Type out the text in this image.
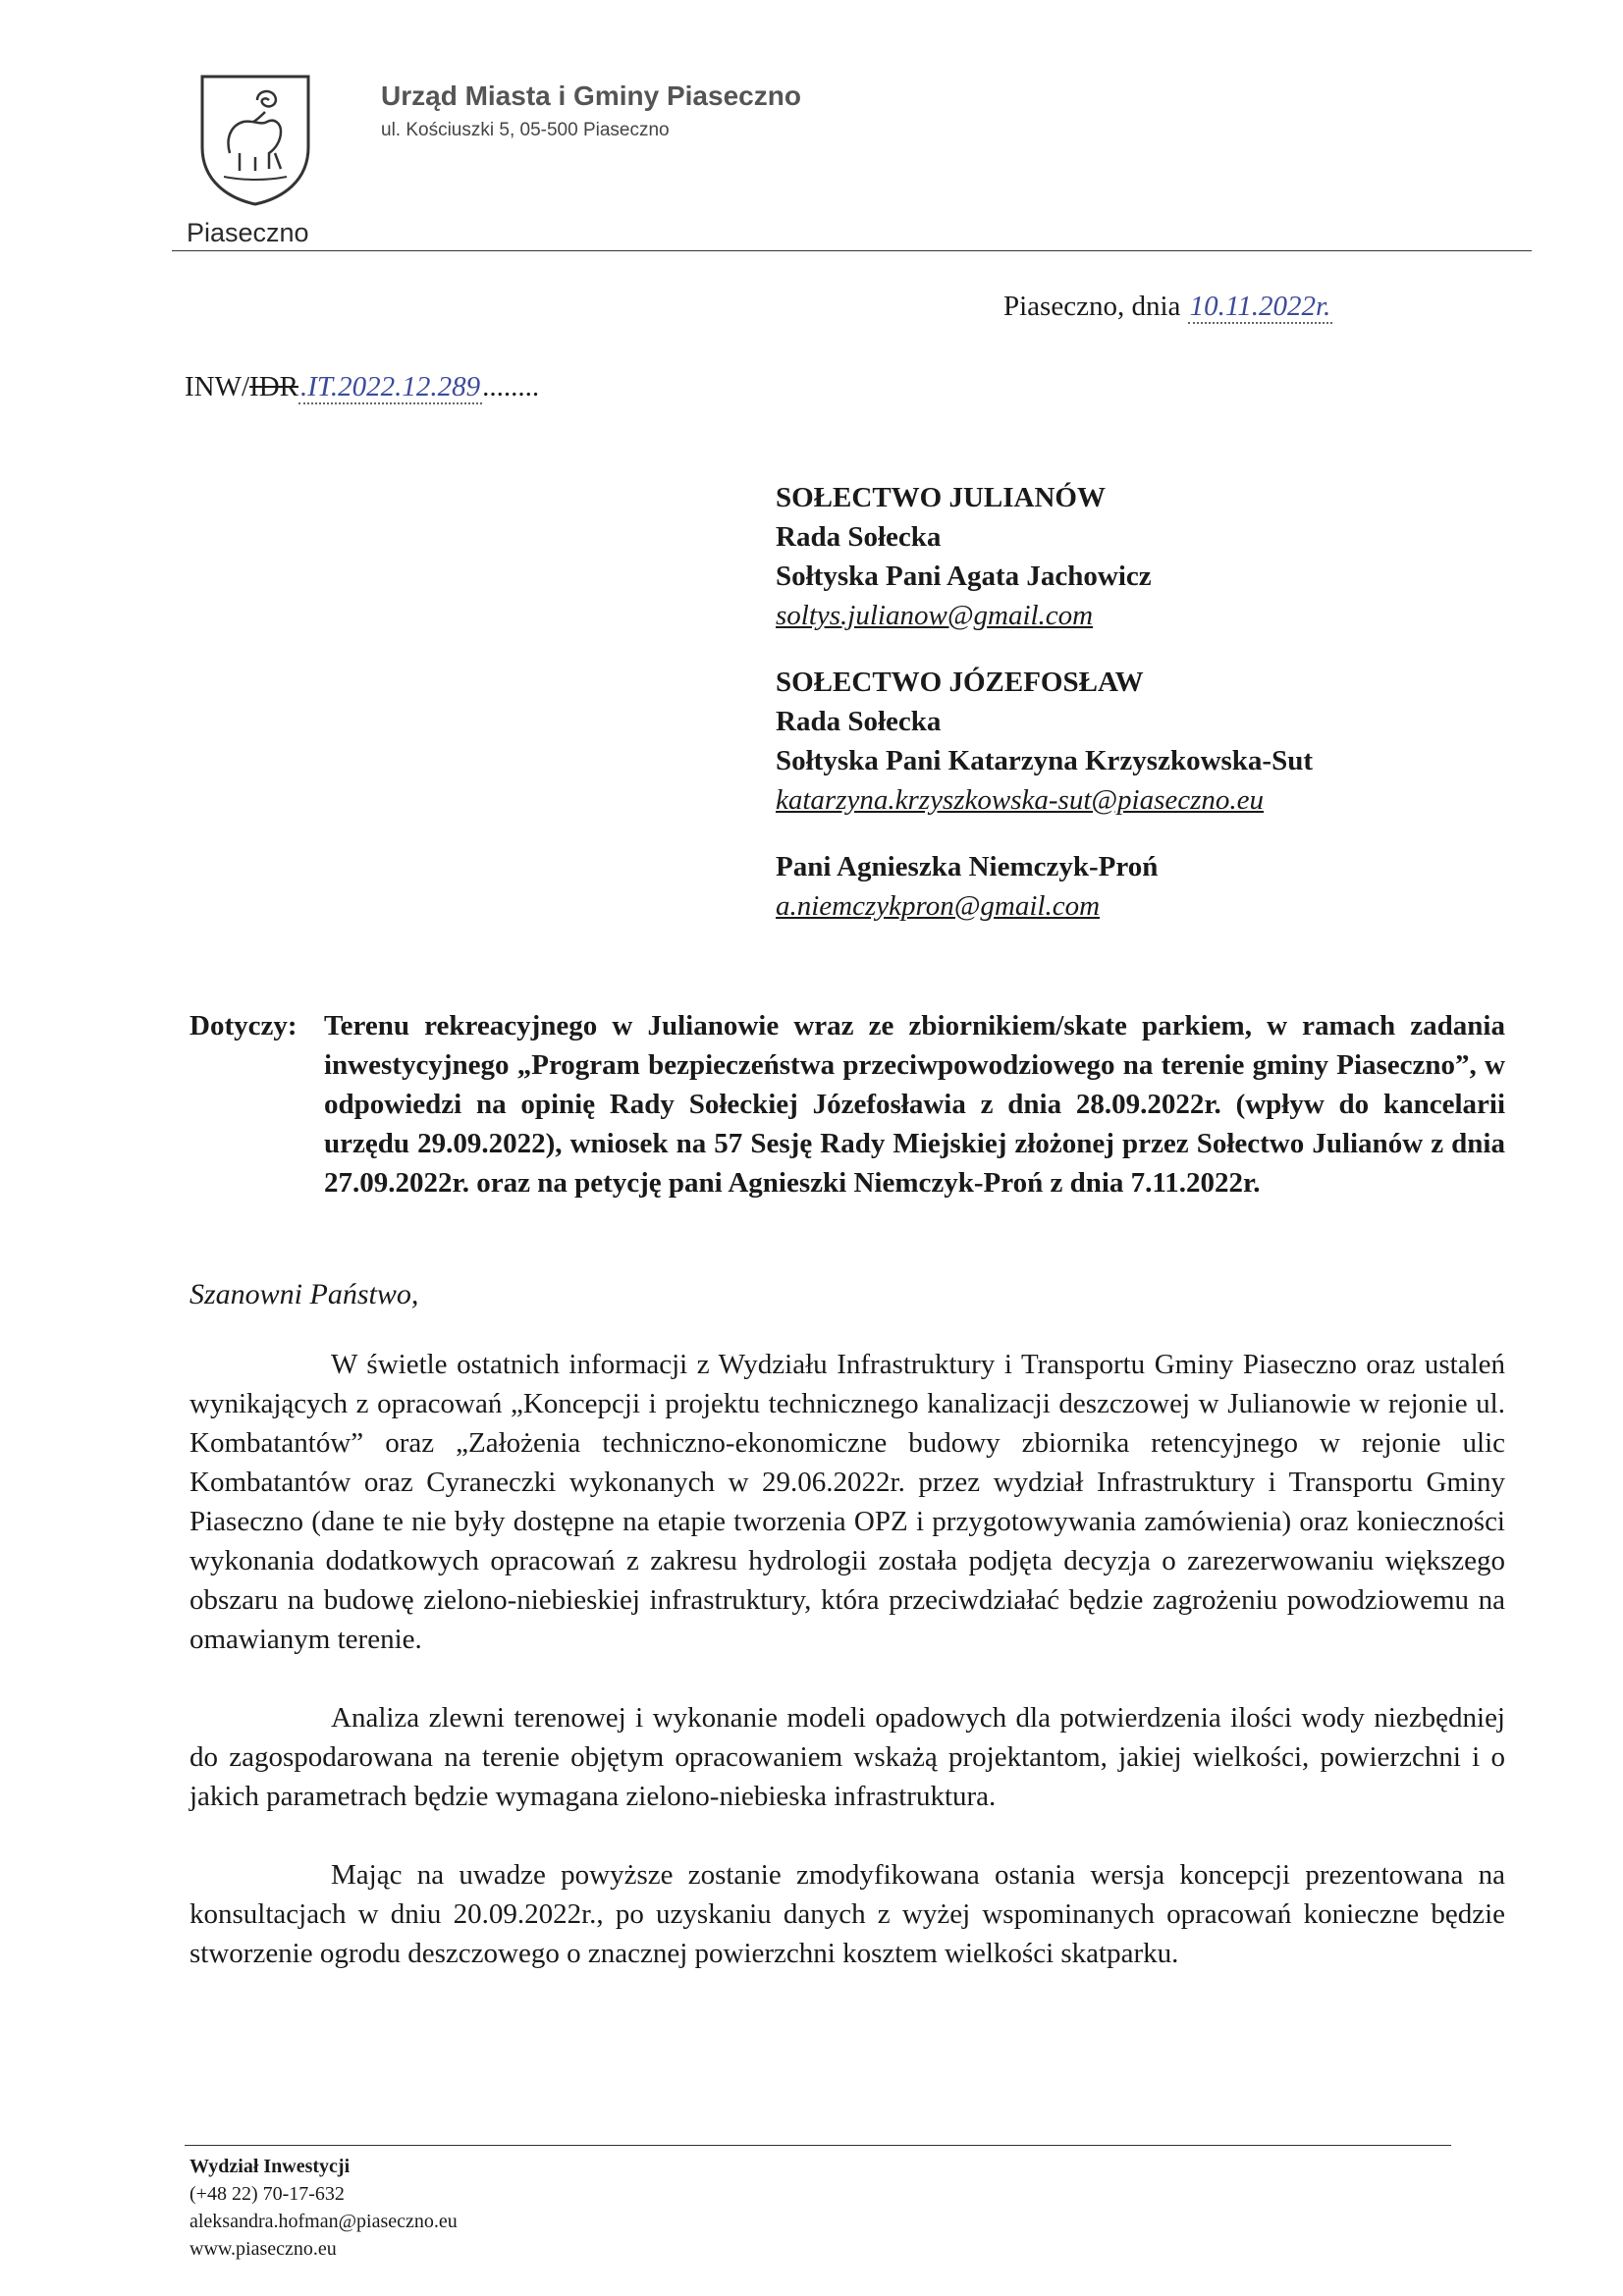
Piaseczno
Urząd Miasta i Gminy Piaseczno
ul. Kościuszki 5, 05-500 Piaseczno
Piaseczno, dnia 10.11.2022r.
INW/IDR.IT.2022.12.289........
SOŁECTWO JULIANÓW
Rada Sołecka
Sołtyska Pani Agata Jachowicz
soltys.julianow@gmail.com
SOŁECTWO JÓZEFOSŁAW
Rada Sołecka
Sołtyska Pani Katarzyna Krzyszkowska-Sut
katarzyna.krzyszkowska-sut@piaseczno.eu
Pani Agnieszka Niemczyk-Proń
a.niemczykpron@gmail.com
Dotyczy: Terenu rekreacyjnego w Julianowie wraz ze zbiornikiem/skate parkiem, w ramach zadania inwestycyjnego „Program bezpieczeństwa przeciwpowodziowego na terenie gminy Piaseczno”, w odpowiedzi na opinię Rady Sołeckiej Józefosławia z dnia 28.09.2022r. (wpływ do kancelarii urzędu 29.09.2022), wniosek na 57 Sesję Rady Miejskiej złożonej przez Sołectwo Julianów z dnia 27.09.2022r. oraz na petycję pani Agnieszki Niemczyk-Proń z dnia 7.11.2022r.
Szanowni Państwo,

W świetle ostatnich informacji z Wydziału Infrastruktury i Transportu Gminy Piaseczno oraz ustaleń wynikających z opracowań „Koncepcji i projektu technicznego kanalizacji deszczowej w Julianowie w rejonie ul. Kombatantów” oraz „Założenia techniczno-ekonomiczne budowy zbiornika retencyjnego w rejonie ulic Kombatantów oraz Cyraneczki wykonanych w 29.06.2022r. przez wydział Infrastruktury i Transportu Gminy Piaseczno (dane te nie były dostępne na etapie tworzenia OPZ i przygotowywania zamówienia) oraz konieczności wykonania dodatkowych opracowań z zakresu hydrologii została podjęta decyzja o zarezerwowaniu większego obszaru na budowę zielono-niebieskiej infrastruktury, która przeciwdziałać będzie zagrożeniu powodziowemu na omawianym terenie.

Analiza zlewni terenowej i wykonanie modeli opadowych dla potwierdzenia ilości wody niezbędniej do zagospodarowana na terenie objętym opracowaniem wskażą projektantom, jakiej wielkości, powierzchni i o jakich parametrach będzie wymagana zielono-niebieska infrastruktura.

Mając na uwadze powyższe zostanie zmodyfikowana ostania wersja koncepcji prezentowana na konsultacjach w dniu 20.09.2022r., po uzyskaniu danych z wyżej wspominanych opracowań konieczne będzie stworzenie ogrodu deszczowego o znacznej powierzchni kosztem wielkości skatparku.

Wydział Inwestycji
(+48 22) 70-17-632
aleksandra.hofman@piaseczno.eu
www.piaseczno.eu
